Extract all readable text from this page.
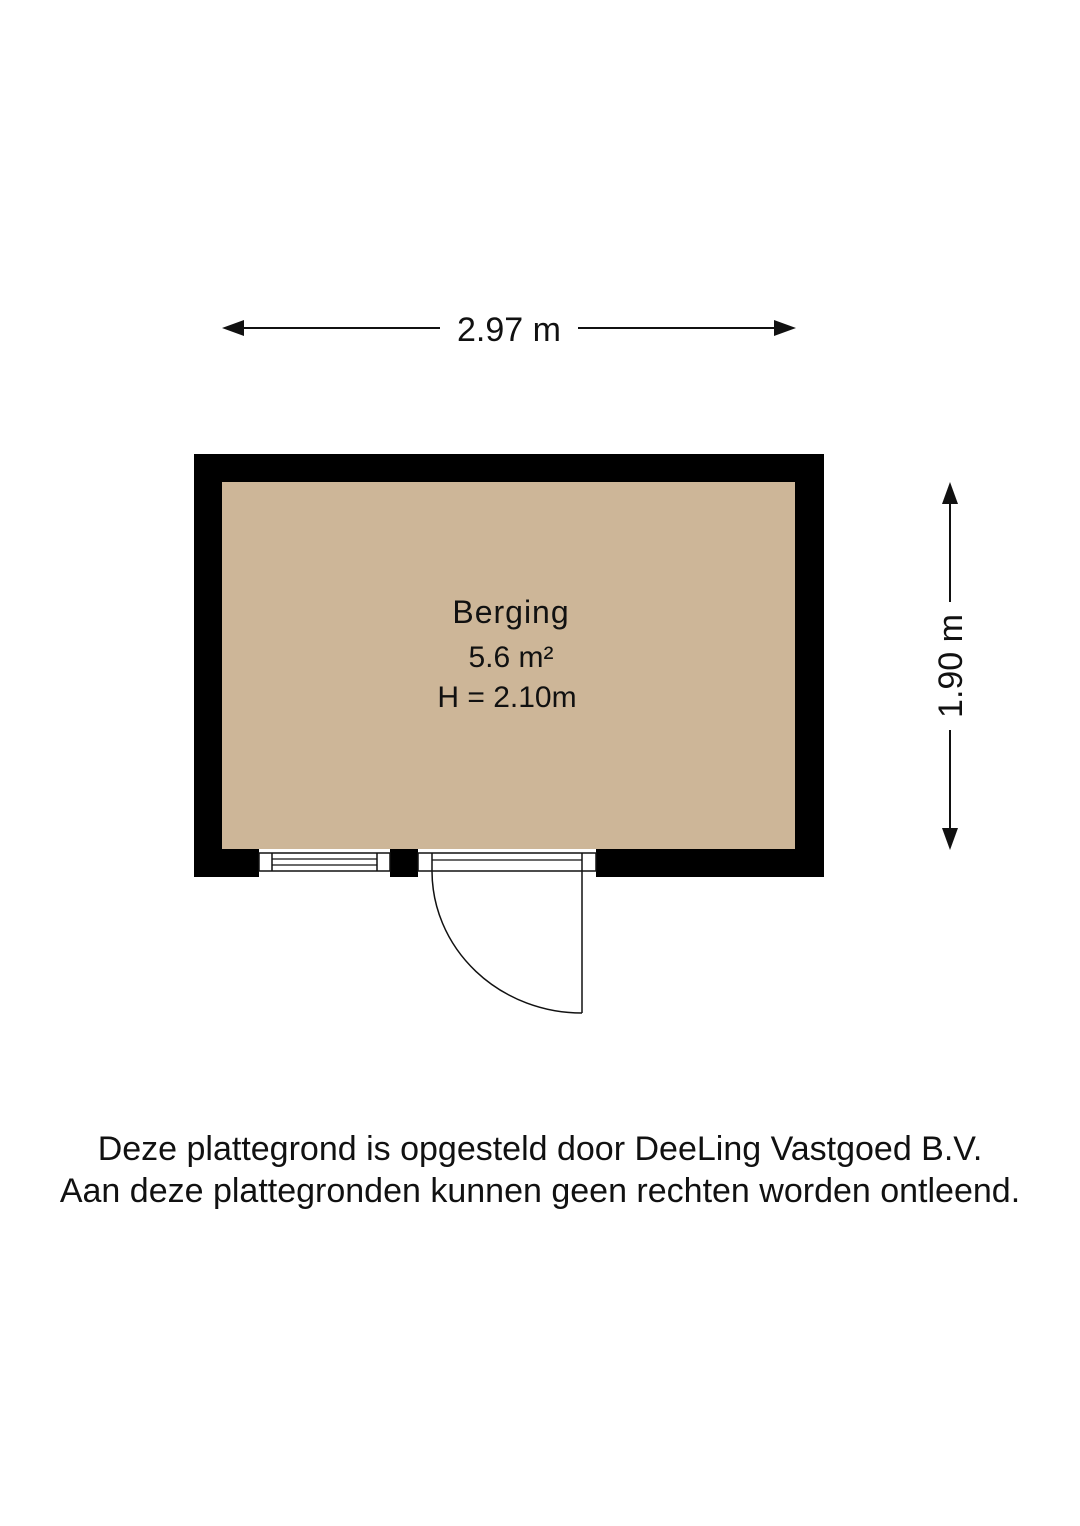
2.97 m
1.90 m
Berging
5.6 m²
H = 2.10m
Deze plattegrond is opgesteld door DeeLing Vastgoed B.V.
Aan deze plattegronden kunnen geen rechten worden ontleend.
